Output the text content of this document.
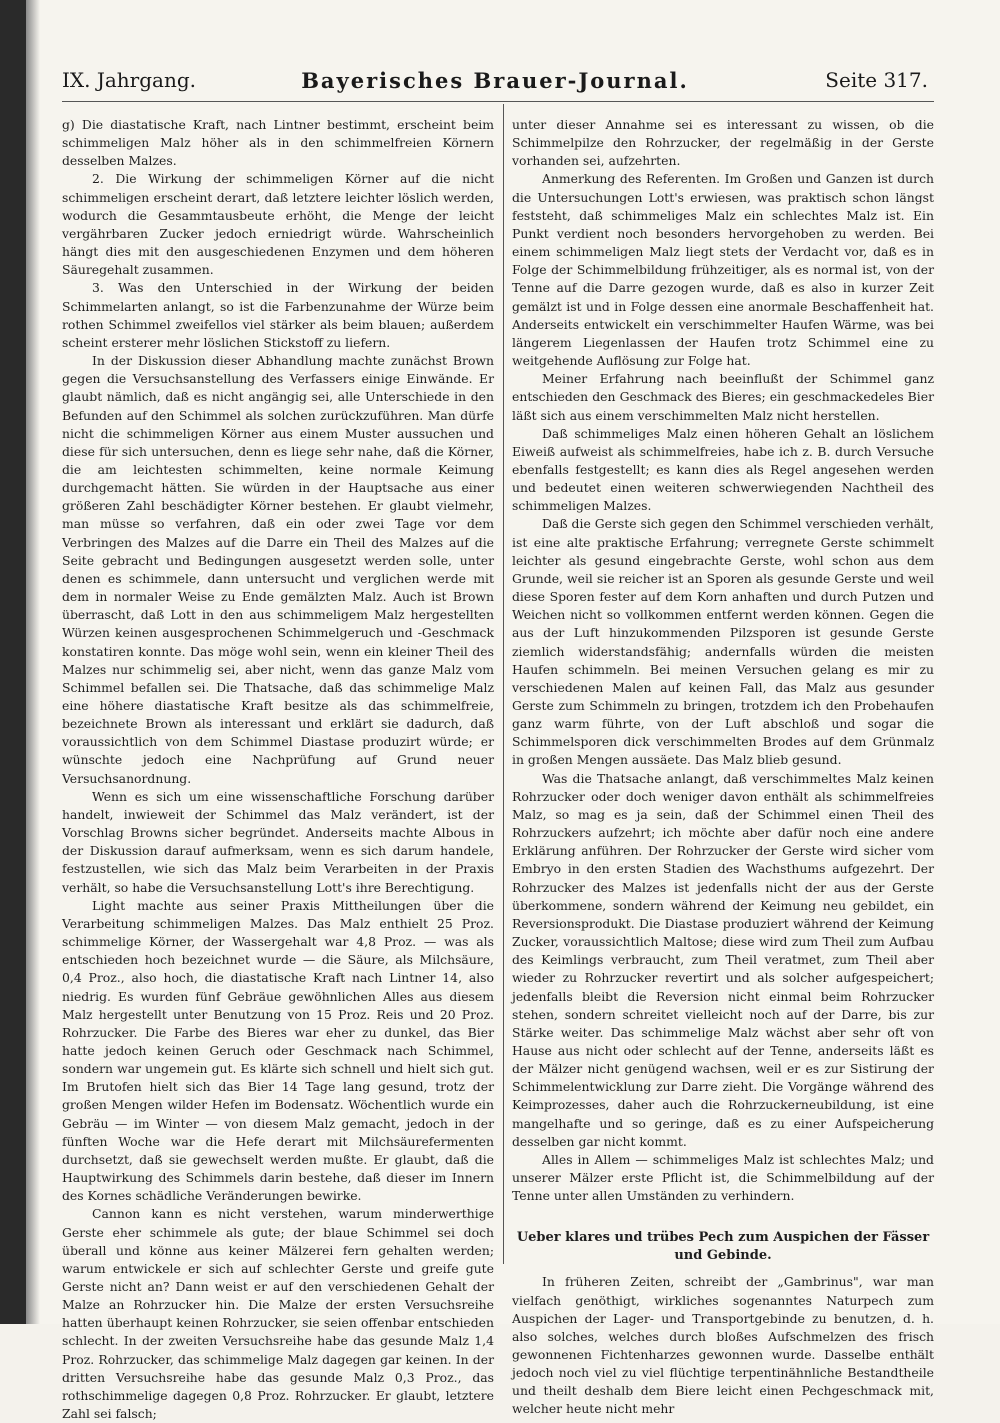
IX. Jahrgang.	Bayerisches Brauer-Journal.	Seite 317.

g) Die diastatische Kraft, nach Lintner bestimmt, erscheint beim schimmeligen Malz höher als in den schimmelfreien Körnern desselben Malzes.

2. Die Wirkung der schimmeligen Körner auf die nicht schimmeligen erscheint derart, daß letztere leichter löslich werden, wodurch die Gesammtausbeute erhöht, die Menge der leicht vergährbaren Zucker jedoch erniedrigt würde. Wahrscheinlich hängt dies mit den ausgeschiedenen Enzymen und dem höheren Säuregehalt zusammen.

3. Was den Unterschied in der Wirkung der beiden Schimmelarten anlangt, so ist die Farbenzunahme der Würze beim rothen Schimmel zweifellos viel stärker als beim blauen; außerdem scheint ersterer mehr löslichen Stickstoff zu liefern.

In der Diskussion dieser Abhandlung machte zunächst Brown gegen die Versuchsanstellung des Verfassers einige Einwände. Er glaubt nämlich, daß es nicht angängig sei, alle Unterschiede in den Befunden auf den Schimmel als solchen zurückzuführen. Man dürfe nicht die schimmeligen Körner aus einem Muster aussuchen und diese für sich untersuchen, denn es liege sehr nahe, daß die Körner, die am leichtesten schimmelten, keine normale Keimung durchgemacht hätten. Sie würden in der Hauptsache aus einer größeren Zahl beschädigter Körner bestehen. Er glaubt vielmehr, man müsse so verfahren, daß ein oder zwei Tage vor dem Verbringen des Malzes auf die Darre ein Theil des Malzes auf die Seite gebracht und Bedingungen ausgesetzt werden solle, unter denen es schimmele, dann untersucht und verglichen werde mit dem in normaler Weise zu Ende gemälzten Malz. Auch ist Brown überrascht, daß Lott in den aus schimmeligem Malz hergestellten Würzen keinen ausgesprochenen Schimmelgeruch und -Geschmack konstatiren konnte. Das möge wohl sein, wenn ein kleiner Theil des Malzes nur schimmelig sei, aber nicht, wenn das ganze Malz vom Schimmel befallen sei. Die Thatsache, daß das schimmelige Malz eine höhere diastatische Kraft besitze als das schimmelfreie, bezeichnete Brown als interessant und erklärt sie dadurch, daß voraussichtlich von dem Schimmel Diastase produzirt würde; er wünschte jedoch eine Nachprüfung auf Grund neuer Versuchsanordnung.

Wenn es sich um eine wissenschaftliche Forschung darüber handelt, inwieweit der Schimmel das Malz verändert, ist der Vorschlag Browns sicher begründet. Anderseits machte Albous in der Diskussion darauf aufmerksam, wenn es sich darum handele, festzustellen, wie sich das Malz beim Verarbeiten in der Praxis verhält, so habe die Versuchsanstellung Lott's ihre Berechtigung.

Light machte aus seiner Praxis Mittheilungen über die Verarbeitung schimmeligen Malzes. Das Malz enthielt 25 Proz. schimmelige Körner, der Wassergehalt war 4,8 Proz. — was als entschieden hoch bezeichnet wurde — die Säure, als Milchsäure, 0,4 Proz., also hoch, die diastatische Kraft nach Lintner 14, also niedrig. Es wurden fünf Gebräue gewöhnlichen Alles aus diesem Malz hergestellt unter Benutzung von 15 Proz. Reis und 20 Proz. Rohrzucker. Die Farbe des Bieres war eher zu dunkel, das Bier hatte jedoch keinen Geruch oder Geschmack nach Schimmel, sondern war ungemein gut. Es klärte sich schnell und hielt sich gut. Im Brutofen hielt sich das Bier 14 Tage lang gesund, trotz der großen Mengen wilder Hefen im Bodensatz. Wöchentlich wurde ein Gebräu — im Winter — von diesem Malz gemacht, jedoch in der fünften Woche war die Hefe derart mit Milchsäurefermenten durchsetzt, daß sie gewechselt werden mußte. Er glaubt, daß die Hauptwirkung des Schimmels darin bestehe, daß dieser im Innern des Kornes schädliche Veränderungen bewirke.

Cannon kann es nicht verstehen, warum minderwerthige Gerste eher schimmele als gute; der blaue Schimmel sei doch überall und könne aus keiner Mälzerei fern gehalten werden; warum entwickele er sich auf schlechter Gerste und greife gute Gerste nicht an? Dann weist er auf den verschiedenen Gehalt der Malze an Rohrzucker hin. Die Malze der ersten Versuchsreihe hatten überhaupt keinen Rohrzucker, sie seien offenbar entschieden schlecht. In der zweiten Versuchsreihe habe das gesunde Malz 1,4 Proz. Rohrzucker, das schimmelige Malz dagegen gar keinen. In der dritten Versuchsreihe habe das gesunde Malz 0,3 Proz., das rothschimmelige dagegen 0,8 Proz. Rohrzucker. Er glaubt, letztere Zahl sei falsch;

unter dieser Annahme sei es interessant zu wissen, ob die Schimmelpilze den Rohrzucker, der regelmäßig in der Gerste vorhanden sei, aufzehrten.

Anmerkung des Referenten. Im Großen und Ganzen ist durch die Untersuchungen Lott's erwiesen, was praktisch schon längst feststeht, daß schimmeliges Malz ein schlechtes Malz ist. Ein Punkt verdient noch besonders hervorgehoben zu werden. Bei einem schimmeligen Malz liegt stets der Verdacht vor, daß es in Folge der Schimmelbildung frühzeitiger, als es normal ist, von der Tenne auf die Darre gezogen wurde, daß es also in kurzer Zeit gemälzt ist und in Folge dessen eine anormale Beschaffenheit hat. Anderseits entwickelt ein verschimmelter Haufen Wärme, was bei längerem Liegenlassen der Haufen trotz Schimmel eine zu weitgehende Auflösung zur Folge hat.

Meiner Erfahrung nach beeinflußt der Schimmel ganz entschieden den Geschmack des Bieres; ein geschmackedeles Bier läßt sich aus einem verschimmelten Malz nicht herstellen.

Daß schimmeliges Malz einen höheren Gehalt an löslichem Eiweiß aufweist als schimmelfreies, habe ich z. B. durch Versuche ebenfalls festgestellt; es kann dies als Regel angesehen werden und bedeutet einen weiteren schwerwiegenden Nachtheil des schimmeligen Malzes.

Daß die Gerste sich gegen den Schimmel verschieden verhält, ist eine alte praktische Erfahrung; verregnete Gerste schimmelt leichter als gesund eingebrachte Gerste, wohl schon aus dem Grunde, weil sie reicher ist an Sporen als gesunde Gerste und weil diese Sporen fester auf dem Korn anhaften und durch Putzen und Weichen nicht so vollkommen entfernt werden können. Gegen die aus der Luft hinzukommenden Pilzsporen ist gesunde Gerste ziemlich widerstandsfähig; andernfalls würden die meisten Haufen schimmeln. Bei meinen Versuchen gelang es mir zu verschiedenen Malen auf keinen Fall, das Malz aus gesunder Gerste zum Schimmeln zu bringen, trotzdem ich den Probehaufen ganz warm führte, von der Luft abschloß und sogar die Schimmelsporen dick verschimmelten Brodes auf dem Grünmalz in großen Mengen aussäete. Das Malz blieb gesund.

Was die Thatsache anlangt, daß verschimmeltes Malz keinen Rohrzucker oder doch weniger davon enthält als schimmelfreies Malz, so mag es ja sein, daß der Schimmel einen Theil des Rohrzuckers aufzehrt; ich möchte aber dafür noch eine andere Erklärung anführen. Der Rohrzucker der Gerste wird sicher vom Embryo in den ersten Stadien des Wachsthums aufgezehrt. Der Rohrzucker des Malzes ist jedenfalls nicht der aus der Gerste überkommene, sondern während der Keimung neu gebildet, ein Reversionsprodukt. Die Diastase produziert während der Keimung Zucker, voraussichtlich Maltose; diese wird zum Theil zum Aufbau des Keimlings verbraucht, zum Theil veratmet, zum Theil aber wieder zu Rohrzucker revertirt und als solcher aufgespeichert; jedenfalls bleibt die Reversion nicht einmal beim Rohrzucker stehen, sondern schreitet vielleicht noch auf der Darre, bis zur Stärke weiter. Das schimmelige Malz wächst aber sehr oft von Hause aus nicht oder schlecht auf der Tenne, anderseits läßt es der Mälzer nicht genügend wachsen, weil er es zur Sistirung der Schimmelentwicklung zur Darre zieht. Die Vorgänge während des Keimprozesses, daher auch die Rohrzuckerneubildung, ist eine mangelhafte und so geringe, daß es zu einer Aufspeicherung desselben gar nicht kommt.

Alles in Allem — schimmeliges Malz ist schlechtes Malz; und unserer Mälzer erste Pflicht ist, die Schimmelbildung auf der Tenne unter allen Umständen zu verhindern.

Ueber klares und trübes Pech zum Auspichen der Fässer und Gebinde.

In früheren Zeiten, schreibt der „Gambrinus", war man vielfach genöthigt, wirkliches sogenanntes Naturpech zum Auspichen der Lager- und Transportgebinde zu benutzen, d. h. also solches, welches durch bloßes Aufschmelzen des frisch gewonnenen Fichtenharzes gewonnen wurde. Dasselbe enthält jedoch noch viel zu viel flüchtige terpentinähnliche Bestandtheile und theilt deshalb dem Biere leicht einen Pechgeschmack mit, welcher heute nicht mehr
